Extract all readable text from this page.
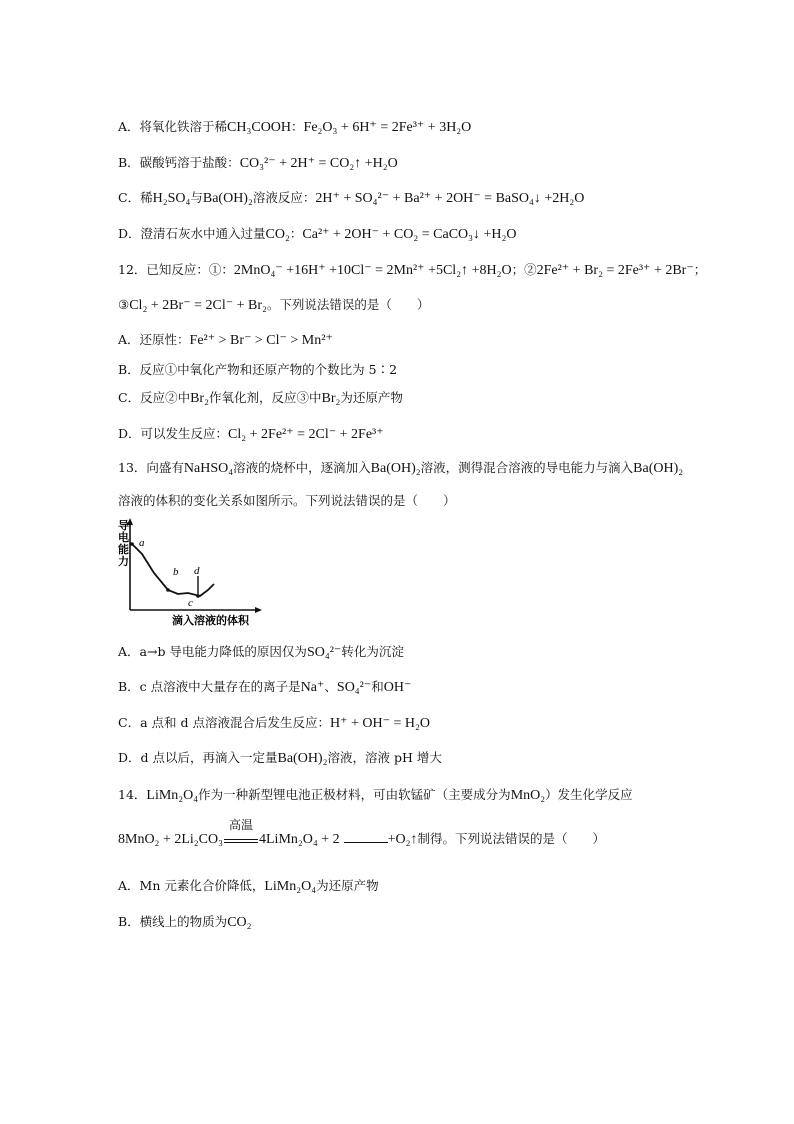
A．将氧化铁溶于稀CH₃COOH：Fe₂O₃ + 6H⁺ = 2Fe³⁺ + 3H₂O
B．碳酸钙溶于盐酸：CO₃²⁻ + 2H⁺ = CO₂↑ +H₂O
C．稀H₂SO₄与Ba(OH)₂溶液反应：2H⁺ + SO₄²⁻ + Ba²⁺ + 2OH⁻ = BaSO₄↓ +2H₂O
D．澄清石灰水中通入过量CO₂：Ca²⁺ + 2OH⁻ + CO₂ = CaCO₃↓ +H₂O
12．已知反应：①：2MnO₄⁻ +16H⁺ +10Cl⁻ = 2Mn²⁺ +5Cl₂↑ +8H₂O；②2Fe²⁺ + Br₂ = 2Fe³⁺ + 2Br⁻；
③Cl₂ + 2Br⁻ = 2Cl⁻ + Br₂。下列说法错误的是（　　）
A．还原性：Fe²⁺ > Br⁻ > Cl⁻ > Mn²⁺
B．反应①中氧化产物和还原产物的个数比为 5∶2
C．反应②中Br₂作氧化剂，反应③中Br₂为还原产物
D．可以发生反应：Cl₂ + 2Fe²⁺ = 2Cl⁻ + 2Fe³⁺
13．向盛有NaHSO₄溶液的烧杯中，逐滴加入Ba(OH)₂溶液，测得混合溶液的导电能力与滴入Ba(OH)₂
溶液的体积的变化关系如图所示。下列说法错误的是（　　）
导
电
能
力
a
b
c
d
滴入溶液的体积
A．a→b 导电能力降低的原因仅为SO₄²⁻转化为沉淀
B．c 点溶液中大量存在的离子是Na⁺、SO₄²⁻和OH⁻
C．a 点和 d 点溶液混合后发生反应：H⁺ + OH⁻ = H₂O
D．d 点以后，再滴入一定量Ba(OH)₂溶液，溶液 pH 增大
14．LiMn₂O₄作为一种新型锂电池正极材料，可由软锰矿（主要成分为MnO₂）发生化学反应
8MnO₂ + 2Li₂CO₃
高温
4LiMn₂O₄ + 2	+O₂↑制得。下列说法错误的是（　　）
A．Mn 元素化合价降低，LiMn₂O₄为还原产物
B．横线上的物质为CO₂
